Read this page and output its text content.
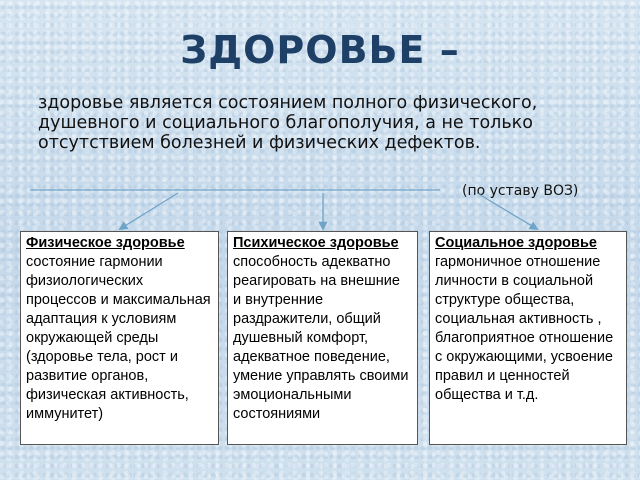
ЗДОРОВЬЕ –

здоровье является состоянием полного физического, душевного и социального благополучия, а не только отсутствием болезней и физических дефектов.

(по уставу ВОЗ)
Физическое здоровье
состояние гармонии физиологических процессов и максимальная адаптация к условиям окружающей среды (здоровье тела, рост и развитие органов, физическая активность, иммунитет)
Психическое здоровье
способность адекватно реагировать на внешние и внутренние раздражители, общий душевный комфорт, адекватное поведение, умение управлять своими эмоциональными состояниями
Социальное здоровье
гармоничное отношение личности в социальной структуре общества, социальная активность , благоприятное отношение с окружающими, усвоение правил и ценностей общества и т.д.
